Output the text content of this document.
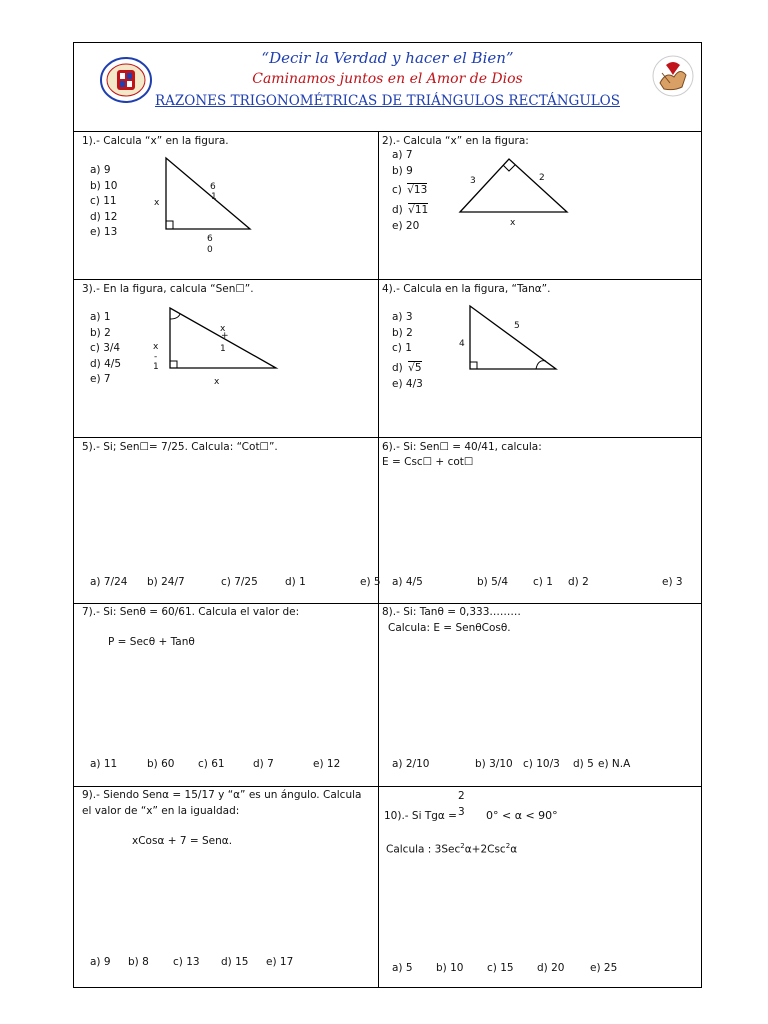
“Decir la Verdad y hacer el Bien”
Caminamos juntos en el Amor de Dios
RAZONES TRIGONOMÉTRICAS DE TRIÁNGULOS RECTÁNGULOS
1).- Calcula “x” en la figura.
a) 9
b) 10
c) 11
d) 12
e) 13
x
6
1
6
0
2).- Calcula “x” en la figura:
a) 7
b) 9
c) √13
d) √11
e) 20
3	2
x
3).- En la figura, calcula “Sen☐”.
a) 1
b) 2
c) 3/4
d) 4/5
e) 7
x
+
1
x
-
1
x
4).- Calcula en la figura, “Tanα”.
a) 3
b) 2
c) 1
d) √5
e) 4/3
4
5
5).- Si; Sen☐= 7/25. Calcula: “Cot☐”.
a) 7/24 b) 24/7	c) 7/25	d) 1	e) 5
6).- Si: Sen☐ = 40/41, calcula:
E = Csc☐ + cot☐
a) 4/5	b) 5/4 c) 1 d) 2	e) 3
7).- Si: Senθ = 60/61. Calcula el valor de:
P = Secθ + Tanθ
a) 11	b) 60 c) 61	d) 7	e) 12
8).- Si: Tanθ = 0,333………
Calcula: E = SenθCosθ.
a) 2/10	b) 3/10 c) 10/3 d) 5 e) N.A
9).- Siendo Senα = 15/17 y “α” es un ángulo. Calcula
el valor de “x” en la igualdad:
xCosα + 7 = Senα.
a) 9 b) 8 c) 13 d) 15 e) 17
10).- Si Tgα =
2
3 0° < α < 90°
Calcula : 3Sec$^2$α+2Csc$^2$α
a) 5 b) 10 c) 15 d) 20 e) 25
